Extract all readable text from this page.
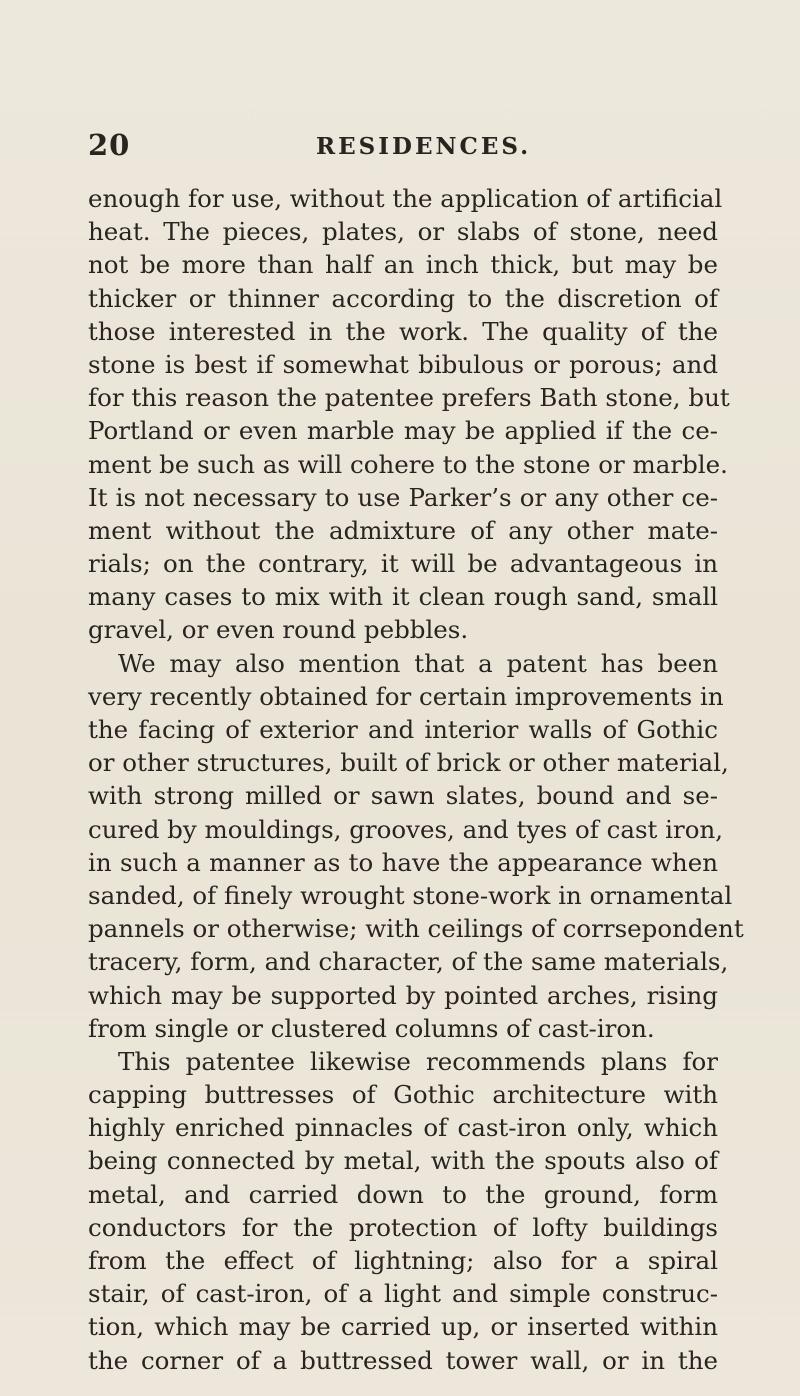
20	RESIDENCES.
enough for use, without the application of artificial
heat. The pieces, plates, or slabs of stone, need
not be more than half an inch thick, but may be
thicker or thinner according to the discretion of
those interested in the work. The quality of the
stone is best if somewhat bibulous or porous; and
for this reason the patentee prefers Bath stone, but
Portland or even marble may be applied if the ce-
ment be such as will cohere to the stone or marble.
It is not necessary to use Parker’s or any other ce-
ment without the admixture of any other mate-
rials; on the contrary, it will be advantageous in
many cases to mix with it clean rough sand, small
gravel, or even round pebbles.
We may also mention that a patent has been
very recently obtained for certain improvements in
the facing of exterior and interior walls of Gothic
or other structures, built of brick or other material,
with strong milled or sawn slates, bound and se-
cured by mouldings, grooves, and tyes of cast iron,
in such a manner as to have the appearance when
sanded, of finely wrought stone-work in ornamental
pannels or otherwise; with ceilings of corrsepondent
tracery, form, and character, of the same materials,
which may be supported by pointed arches, rising
from single or clustered columns of cast-iron.
This patentee likewise recommends plans for
capping buttresses of Gothic architecture with
highly enriched pinnacles of cast-iron only, which
being connected by metal, with the spouts also of
metal, and carried down to the ground, form
conductors for the protection of lofty buildings
from the effect of lightning; also for a spiral
stair, of cast-iron, of a light and simple construc-
tion, which may be carried up, or inserted within
the corner of a buttressed tower wall, or in the
